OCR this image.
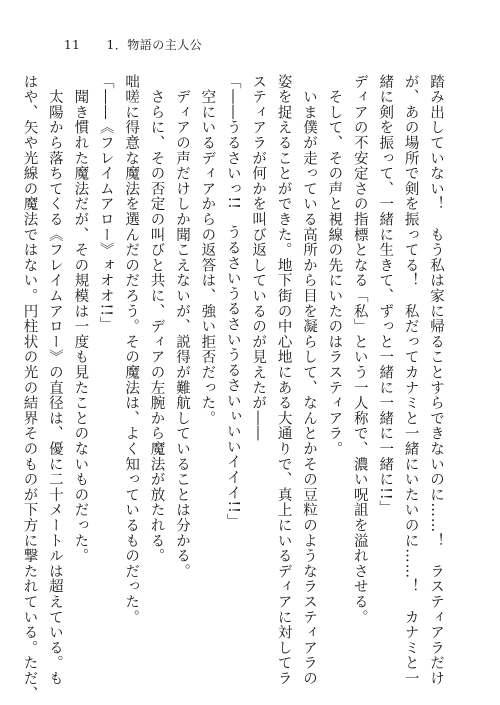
11 1．物語の主人公

踏み出していない！　もう私は家に帰ることすらできないのに……！　ラスティアラだけ

が、あの場所で剣を振ってる！　私だってカナミと一緒にいたいのに……！　カナミと一

緒に剣を振って、一緒に生きて、ずっと一緒に一緒に一緒に!!」

ディアの不安定さの指標となる「私」という一人称で、濃い呪詛を溢れさせる。

　そして、その声と視線の先にいたのはラスティアラ。

　いま僕が走っている高所から目を凝らして、なんとかその豆粒のようなラスティアラの

姿を捉えることができた。地下街の中心地にある大通りで、真上にいるディアに対してラ

スティアラが何かを叫び返しているのが見えたが――

「――うるさいっ!!　うるさいうるさいうるさいぃいいイイイ!!」

　空にいるディアからの返答は、強い拒否だった。

　ディアの声だけしか聞こえないが、説得が難航していることは分かる。

　さらに、その否定の叫びと共に、ディアの左腕から魔法が放たれる。

咄嗟に得意な魔法を選んだのだろう。その魔法は、よく知っているものだった。

「――《フレイムアロー》ォオオ!!」

　聞き慣れた魔法だが、その規模は一度も見たことのないものだった。

　太陽から落ちてくる《フレイムアロー》の直径は、優に二十メートルは超えている。も

はや、矢や光線の魔法ではない。円柱状の光の結界そのものが下方に撃たれている。ただ、
